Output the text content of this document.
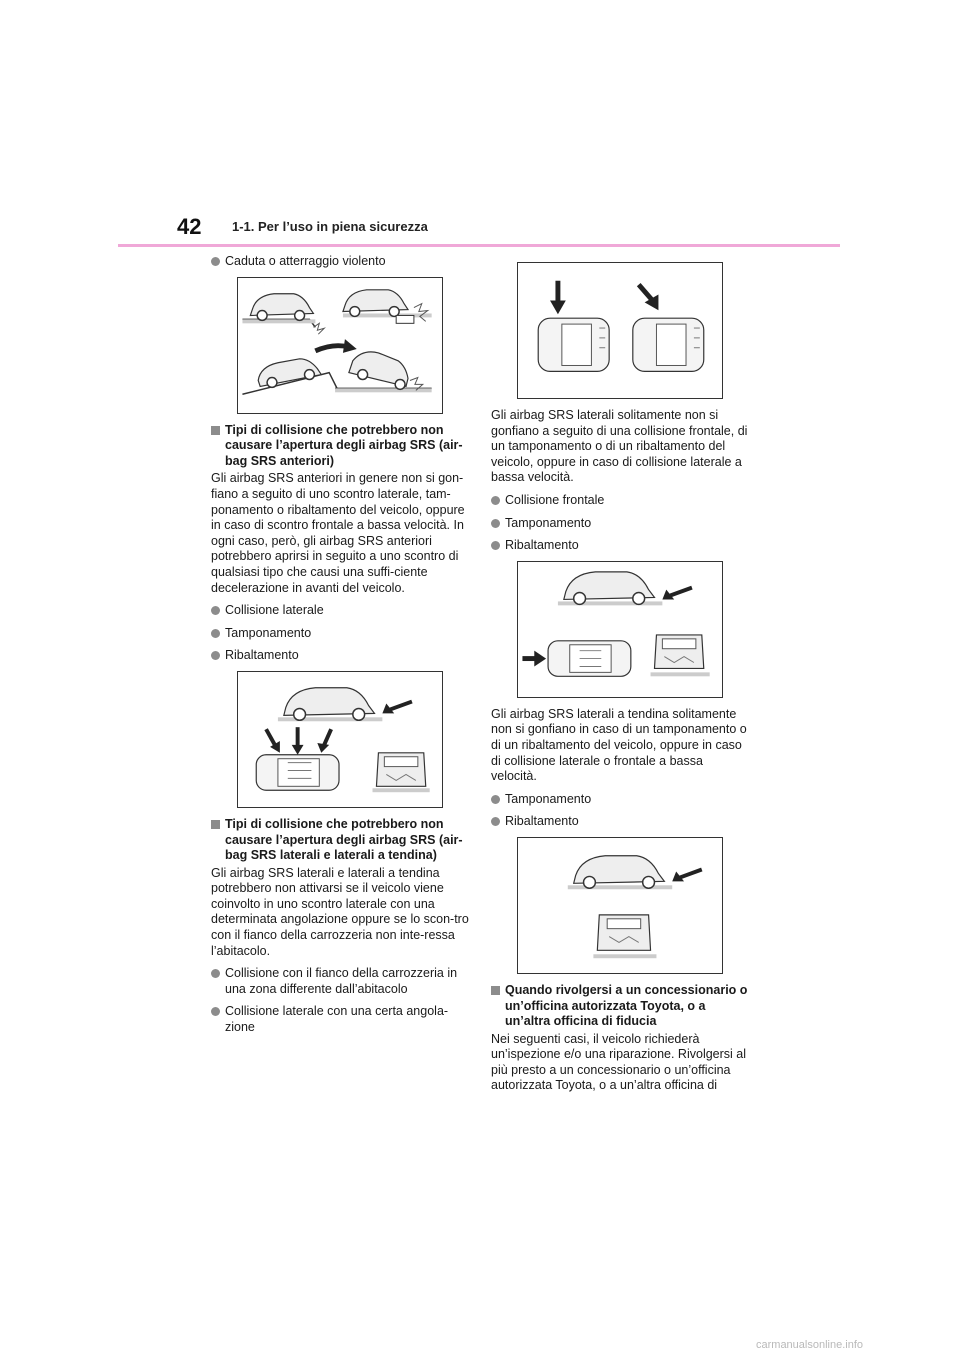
42 1-1. Per l’uso in piena sicurezza
Caduta o atterraggio violento
Tipi di collisione che potrebbero non causare l’apertura degli airbag SRS (air-bag SRS anteriori)
Gli airbag SRS anteriori in genere non si gon-fiano a seguito di uno scontro laterale, tam-ponamento o ribaltamento del veicolo, oppure in caso di scontro frontale a bassa velocità. In ogni caso, però, gli airbag SRS anteriori potrebbero aprirsi in seguito a uno scontro di qualsiasi tipo che causi una suffi-ciente decelerazione in avanti del veicolo.
Collisione laterale
Tamponamento
Ribaltamento
Tipi di collisione che potrebbero non causare l’apertura degli airbag SRS (air-bag SRS laterali e laterali a tendina)
Gli airbag SRS laterali e laterali a tendina potrebbero non attivarsi se il veicolo viene coinvolto in uno scontro laterale con una determinata angolazione oppure se lo scon-tro con il fianco della carrozzeria non inte-ressa l’abitacolo.
Collisione con il fianco della carrozzeria in una zona differente dall’abitacolo
Collisione laterale con una certa angola-zione
Gli airbag SRS laterali solitamente non si gonfiano a seguito di una collisione frontale, di un tamponamento o di un ribaltamento del veicolo, oppure in caso di collisione laterale a bassa velocità.
Collisione frontale
Tamponamento
Ribaltamento
Gli airbag SRS laterali a tendina solitamente non si gonfiano in caso di un tamponamento o di un ribaltamento del veicolo, oppure in caso di collisione laterale o frontale a bassa velocità.
Tamponamento
Ribaltamento
Quando rivolgersi a un concessionario o un’officina autorizzata Toyota, o a un’altra officina di fiducia
Nei seguenti casi, il veicolo richiederà un’ispezione e/o una riparazione. Rivolgersi al più presto a un concessionario o un’officina autorizzata Toyota, o a un’altra officina di
carmanualsonline.info
